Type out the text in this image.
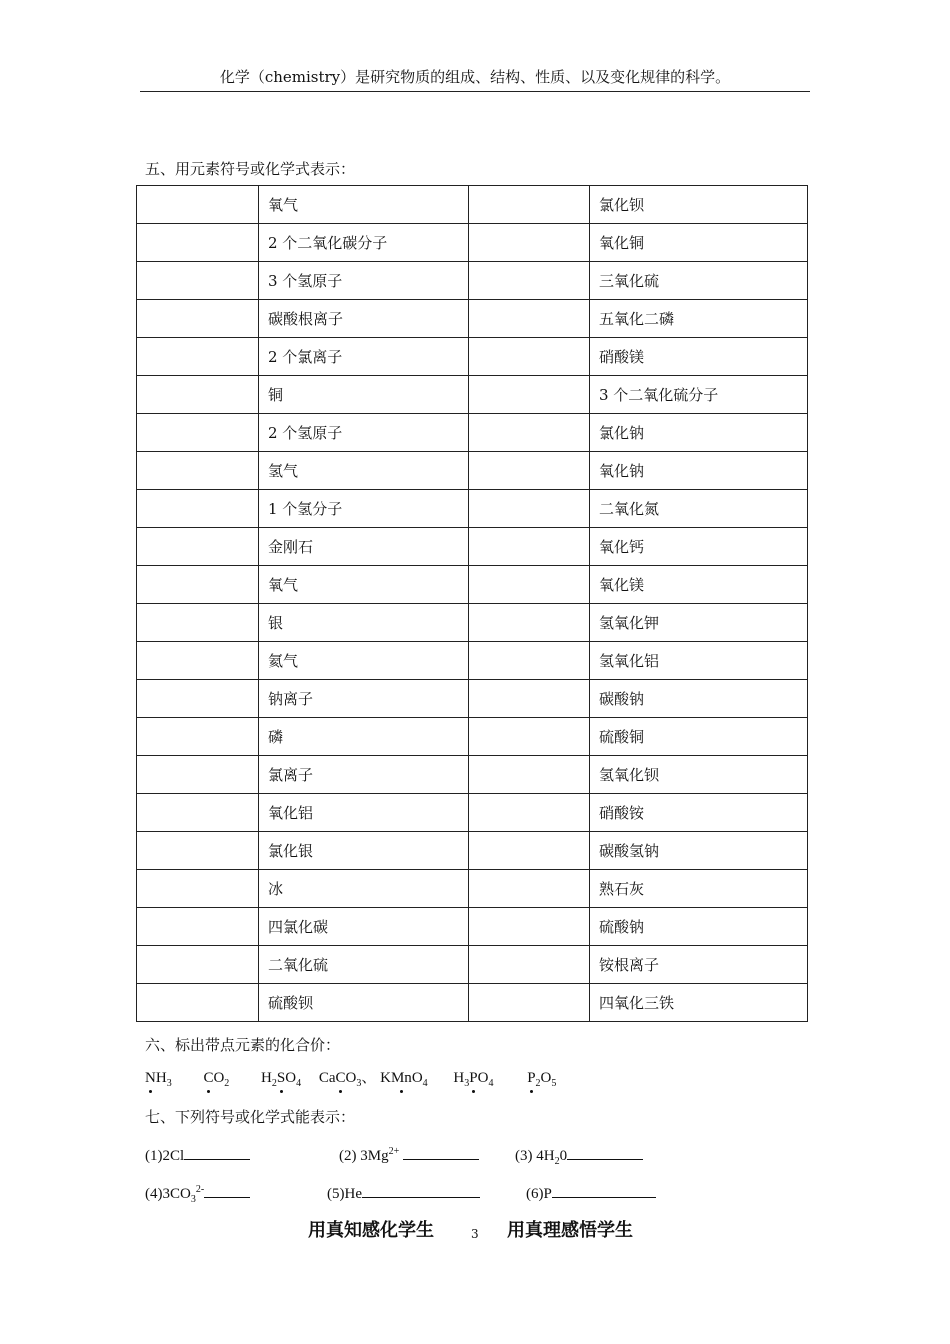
化学（chemistry）是研究物质的组成、结构、性质、以及变化规律的科学。
五、用元素符号或化学式表示：
	氧气		氯化钡
	2 个二氧化碳分子		氧化铜
	3 个氢原子		三氧化硫
	碳酸根离子		五氧化二磷
	2 个氯离子		硝酸镁
	铜		3 个二氧化硫分子
	2 个氢原子		氯化钠
	氢气		氧化钠
	1 个氢分子		二氧化氮
	金刚石		氧化钙
	氧气		氧化镁
	银		氢氧化钾
	氦气		氢氧化铝
	钠离子		碳酸钠
	磷		硫酸铜
	氯离子		氢氧化钡
	氧化铝		硝酸铵
	氯化银		碳酸氢钠
	冰		熟石灰
	四氯化碳		硫酸钠
	二氧化硫		铵根离子
	硫酸钡		四氧化三铁
六、标出带点元素的化合价：
$NH_3$ $CO_2$ $H_2SO_4$ CaCO$_3$、 KMnO$_4$ $H_3PO_4$ $P_2O_5$
七、下列符号或化学式能表示：
(1)2Cl	(2) $3Mg^{2+}$	(3) $4H_20$
$(4)3CO_3^{2-}$	(5)He	(6)P
用真知感化学生	3 用真理感悟学生
